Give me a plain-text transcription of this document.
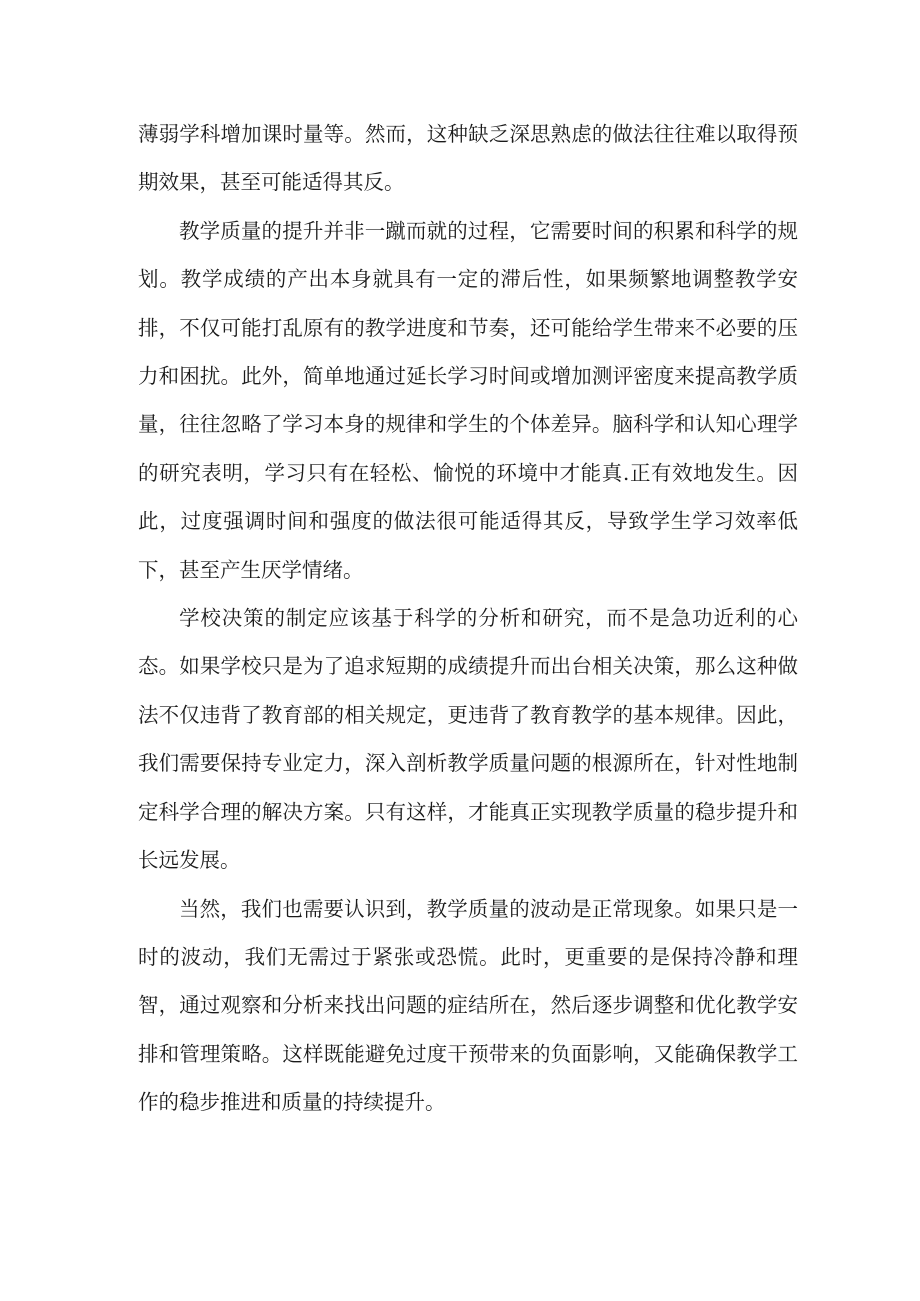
薄弱学科增加课时量等。然而，这种缺乏深思熟虑的做法往往难以取得预期效果，甚至可能适得其反。

教学质量的提升并非一蹴而就的过程，它需要时间的积累和科学的规划。教学成绩的产出本身就具有一定的滞后性，如果频繁地调整教学安排，不仅可能打乱原有的教学进度和节奏，还可能给学生带来不必要的压力和困扰。此外，简单地通过延长学习时间或增加测评密度来提高教学质量，往往忽略了学习本身的规律和学生的个体差异。脑科学和认知心理学的研究表明，学习只有在轻松、愉悦的环境中才能真.正有效地发生。因此，过度强调时间和强度的做法很可能适得其反，导致学生学习效率低下，甚至产生厌学情绪。

学校决策的制定应该基于科学的分析和研究，而不是急功近利的心态。如果学校只是为了追求短期的成绩提升而出台相关决策，那么这种做法不仅违背了教育部的相关规定，更违背了教育教学的基本规律。因此，我们需要保持专业定力，深入剖析教学质量问题的根源所在，针对性地制定科学合理的解决方案。只有这样，才能真正实现教学质量的稳步提升和长远发展。

当然，我们也需要认识到，教学质量的波动是正常现象。如果只是一时的波动，我们无需过于紧张或恐慌。此时，更重要的是保持冷静和理智，通过观察和分析来找出问题的症结所在，然后逐步调整和优化教学安排和管理策略。这样既能避免过度干预带来的负面影响，又能确保教学工作的稳步推进和质量的持续提升。
